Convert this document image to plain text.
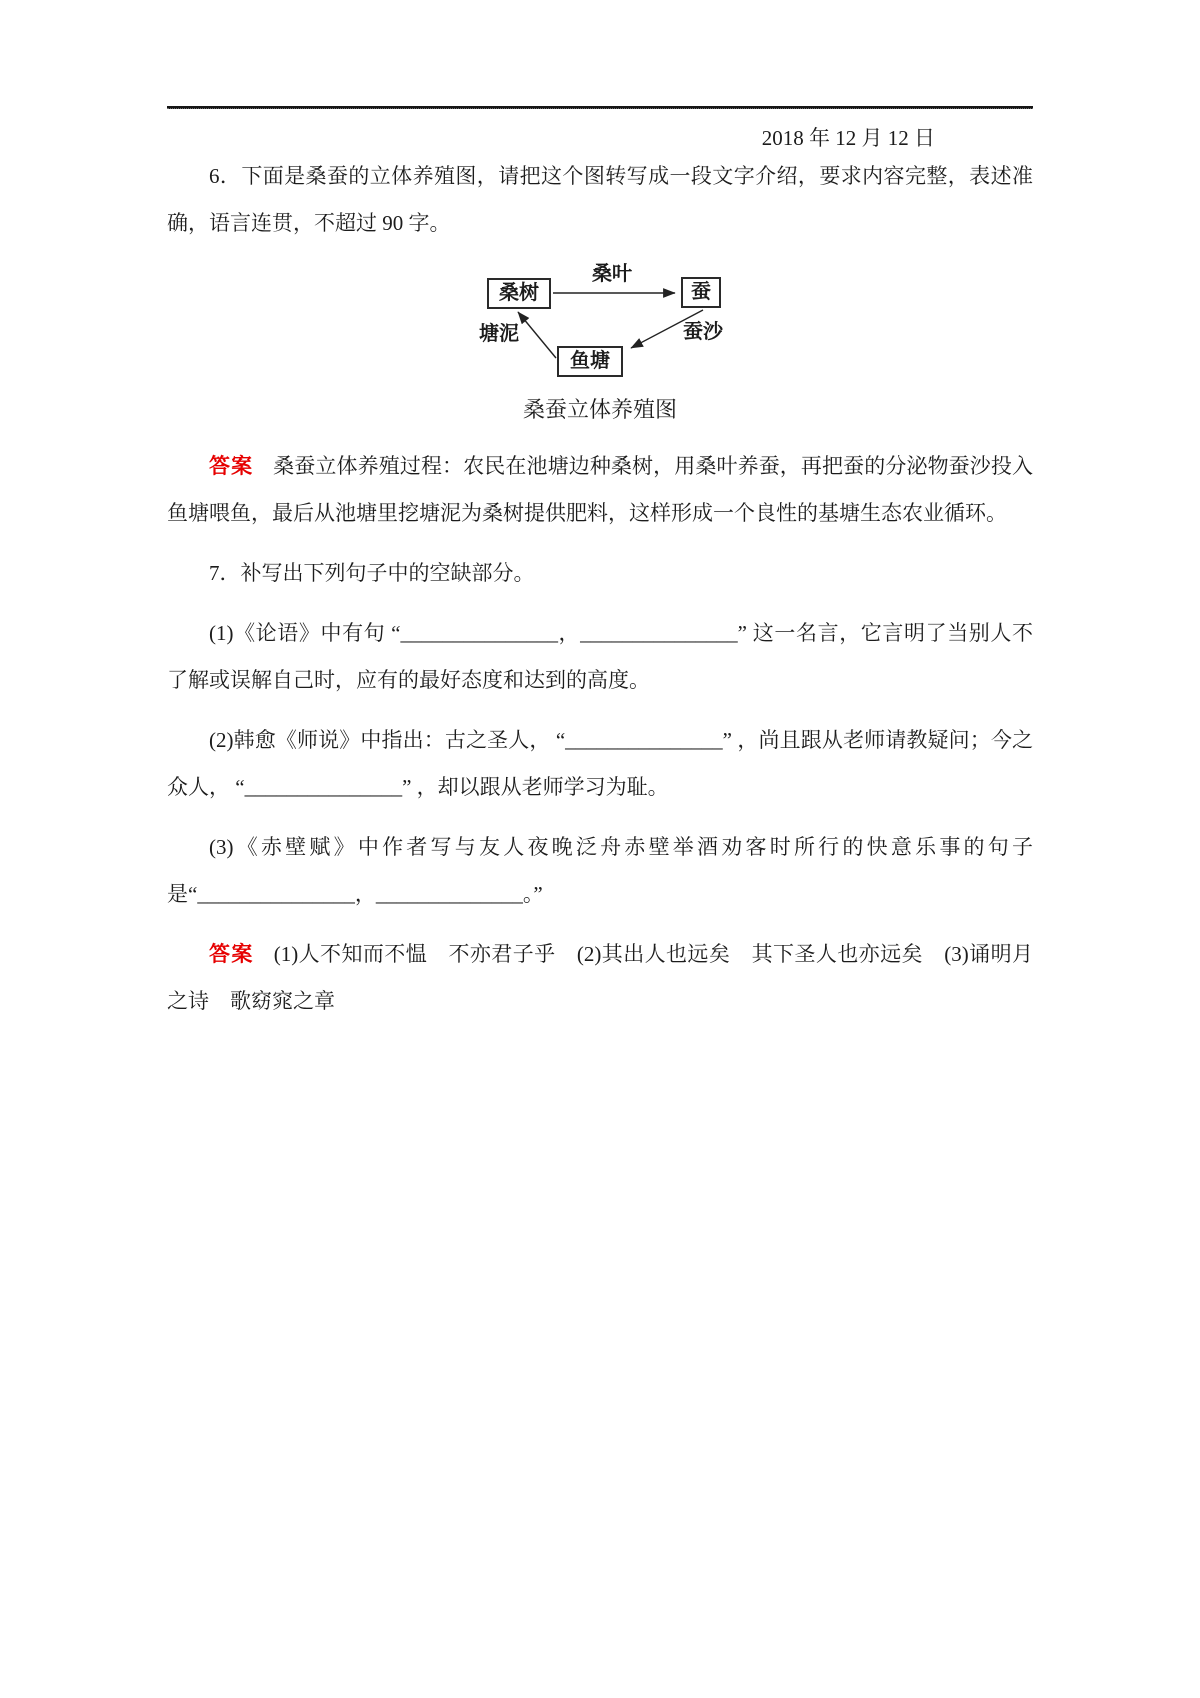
2018 年 12 月 12 日

6．下面是桑蚕的立体养殖图，请把这个图转写成一段文字介绍，要求内容完整，表述准确，语言连贯，不超过 90 字。

桑树	蚕
鱼塘
桑叶
蚕沙
塘泥
桑蚕立体养殖图

答案 桑蚕立体养殖过程：农民在池塘边种桑树，用桑叶养蚕，再把蚕的分泌物蚕沙投入鱼塘喂鱼，最后从池塘里挖塘泥为桑树提供肥料，这样形成一个良性的基塘生态农业循环。

7．补写出下列句子中的空缺部分。

(1)《论语》中有句 “_______________，_______________” 这一名言，它言明了当别人不了解或误解自己时，应有的最好态度和达到的高度。

(2)韩愈《师说》中指出：古之圣人， “_______________” ，尚且跟从老师请教疑问；今之众人， “_______________” ，却以跟从老师学习为耻。

(3)《赤壁赋》中作者写与友人夜晚泛舟赤壁举酒劝客时所行的快意乐事的句子是“_______________，______________。”

答案 (1)人不知而不愠　不亦君子乎　(2)其出人也远矣　其下圣人也亦远矣　(3)诵明月之诗　歌窈窕之章
